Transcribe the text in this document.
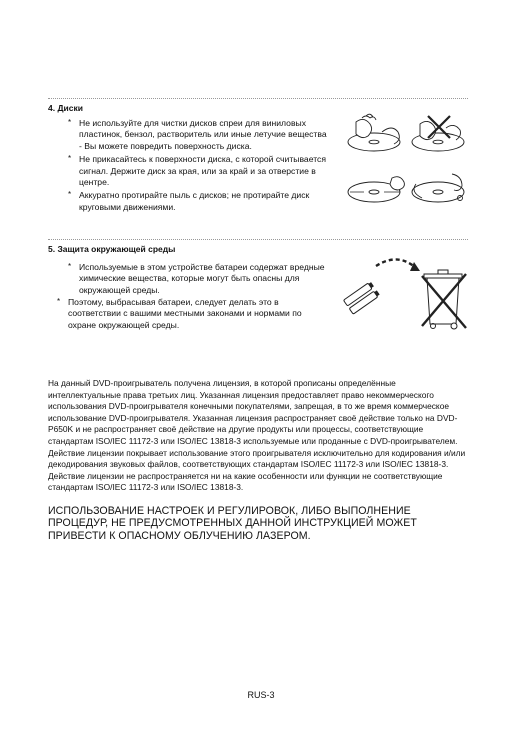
4. Диски
* Не используйте для чистки дисков спреи для виниловых пластинок, бензол, растворитель или иные летучие вещества - Вы можете повредить поверхность диска.
* Не прикасайтесь к поверхности диска, с которой считывается сигнал. Держите диск за края, или за край и за отверстие в центре.
* Аккуратно протирайте пыль с дисков; не протирайте диск круговыми движениями.
5. Защита окружающей среды
* Используемые в этом устройстве батареи содержат вредные химические вещества, которые могут быть опасны для окружающей среды.
* Поэтому, выбрасывая батареи, следует делать это в соответствии с вашими местными законами и нормами по охране окружающей среды.

На данный DVD-проигрыватель получена лицензия, в которой прописаны определённые интеллектуальные права третьих лиц. Указанная лицензия предоставляет право некоммерческого использования DVD-проигрывателя конечными покупателями, запрещая, в то же время коммерческое использование DVD-проигрывателя. Указанная лицензия распространяет своё действие только на DVD-P650K и не распространяет своё действие на другие продукты или процессы, соответствующие стандартам ISO/IEC 11172-3 или ISO/IEC 13818-3 используемые или проданные с DVD-проигрывателем. Действие лицензии покрывает использование этого проигрывателя исключительно для кодирования и/или декодирования звуковых файлов, соответствующих стандартам ISO/IEC 11172-3 или ISO/IEC 13818-3. Действие лицензии не распространяется ни на какие особенности или функции не соответствующие стандартам ISO/IEC 11172-3 или ISO/IEC 13818-3.

ИСПОЛЬЗОВАНИЕ НАСТРОЕК И РЕГУЛИРОВОК, ЛИБО ВЫПОЛНЕНИЕ ПРОЦЕДУР, НЕ ПРЕДУСМОТРЕННЫХ ДАННОЙ ИНСТРУКЦИЕЙ МОЖЕТ ПРИВЕСТИ К ОПАСНОМУ ОБЛУЧЕНИЮ ЛАЗЕРОМ.

RUS-3
